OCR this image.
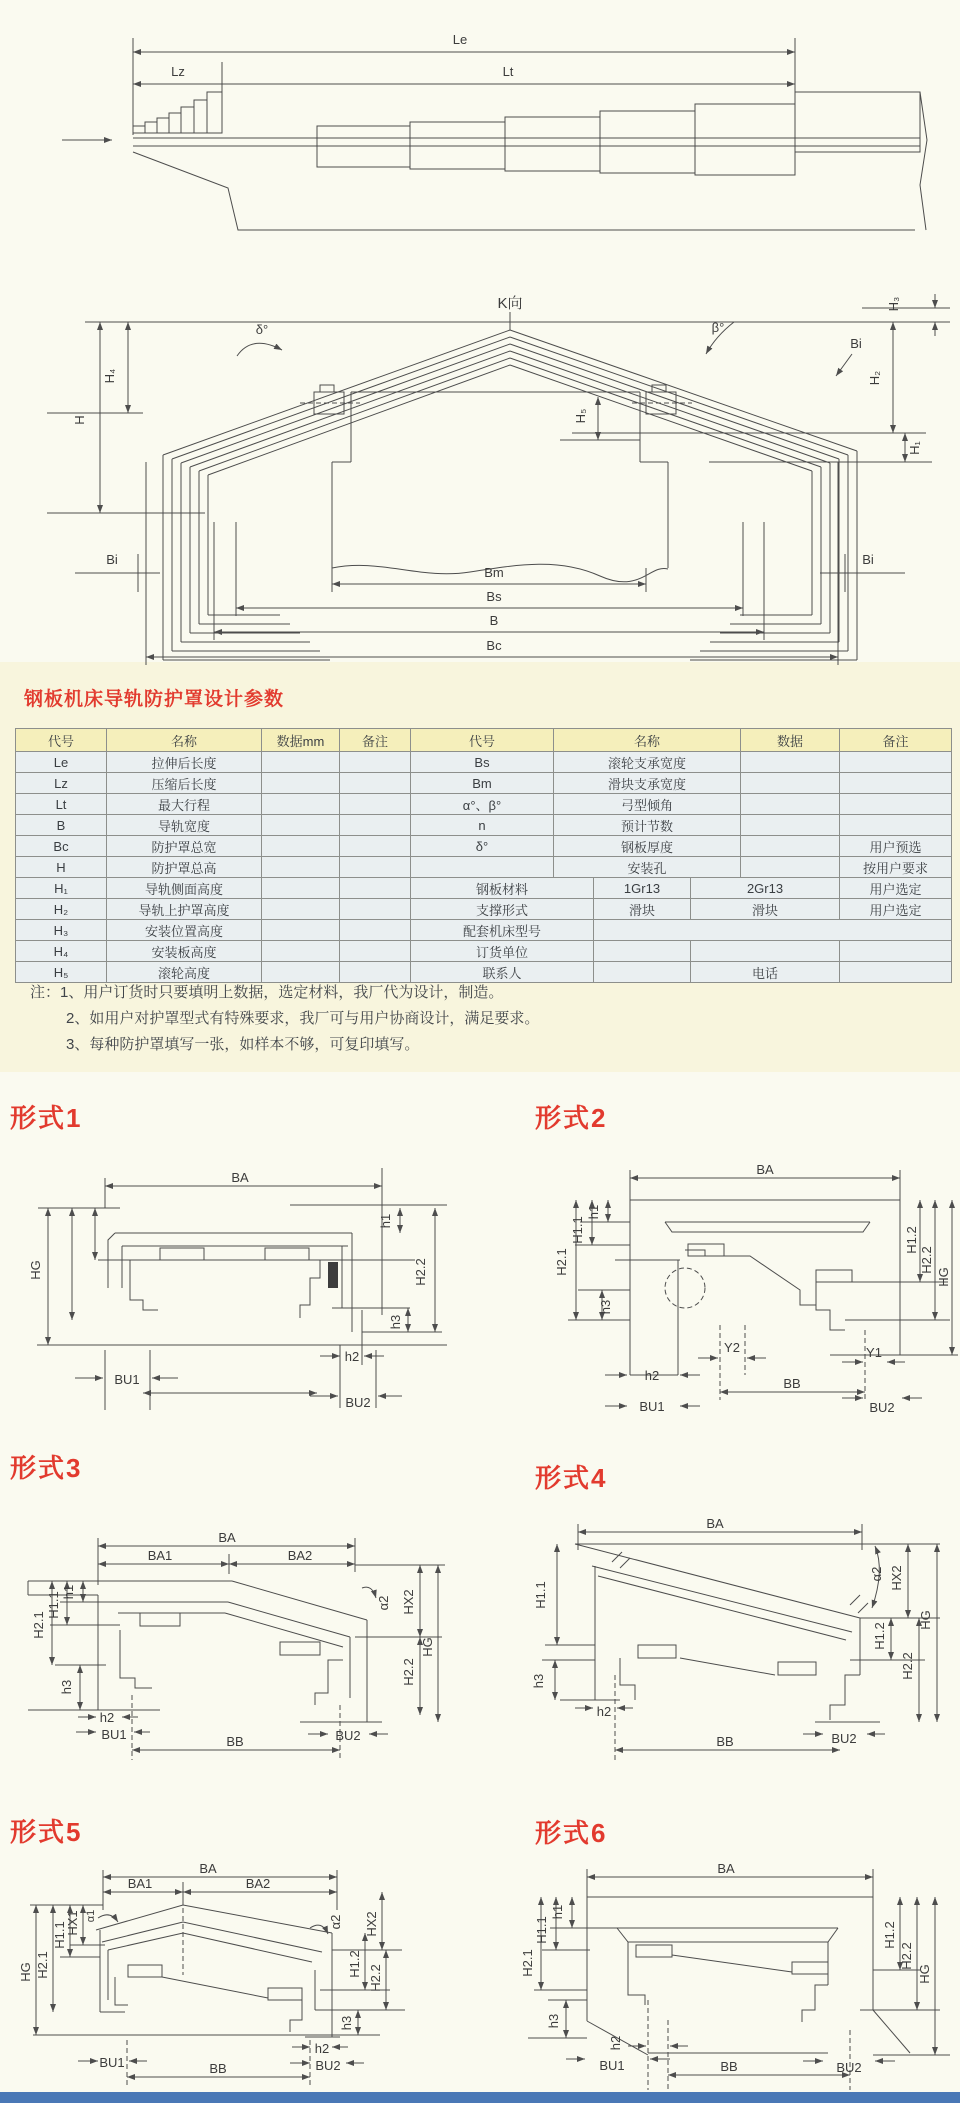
Le
Lz	Lt
K向	H₃
Bi
β°
δ°
H₄
H	H₅
H₂
H₁
Bi	Bi
Bm
Bs
B
Bc
钢板机床导轨防护罩设计参数
代号	名称	数据mm	备注	代号	名称			数据	备注
Le	拉伸后长度			Bs	滚轮支承宽度				
Lz	压缩后长度			Bm	滑块支承宽度				
Lt	最大行程			α°、β°	弓型倾角				
B	导轨宽度			n	预计节数				
Bc	防护罩总宽			δ°	钢板厚度				用户预选
H	防护罩总高				安装孔				按用户要求
H₁	导轨侧面高度			钢板材料		1Gr13	2Gr13		用户选定
H₂	导轨上护罩高度			支撑形式		滑块	滑块		用户选定
H₃	安装位置高度			配套机床型号					
H₄	安装板高度			订货单位					
H₅	滚轮高度			联系人			电话		
注：1、用户订货时只要填明上数据，选定材料，我厂代为设计，制造。
2、如用户对护罩型式有特殊要求，我厂可与用户协商设计，满足要求。
3、每种防护罩填写一张，如样本不够，可复印填写。
形式1
BA
h1
H2.2
HG
h3
h2
BU1
BU2
形式2
BA
h1
H1.1
H2.1
h3
h2
BU1
Y2
BB
Y1
BU2
H1.2
H2.2
HG
形式3
BA
BA1	BA2
h1
H1.1
H2.1
h3
h2
BU1	BB	BU2
α2 HX2
H2.2
HG
形式4
BA
H1.1
h3
h2
BB	BU2
α2 HX2
H1.2
H2.2
HG
形式5
BA
BA1	BA2
HG H2.1
H1.1
HX1 α1	α2 HX2
H1.2
H2.2
h3
h2
BU1	BU2
BB
形式6
BA
h1
H1.1
H2.1
h3
h2
BU1	BB	BU2
H1.2
H2.2
HG
